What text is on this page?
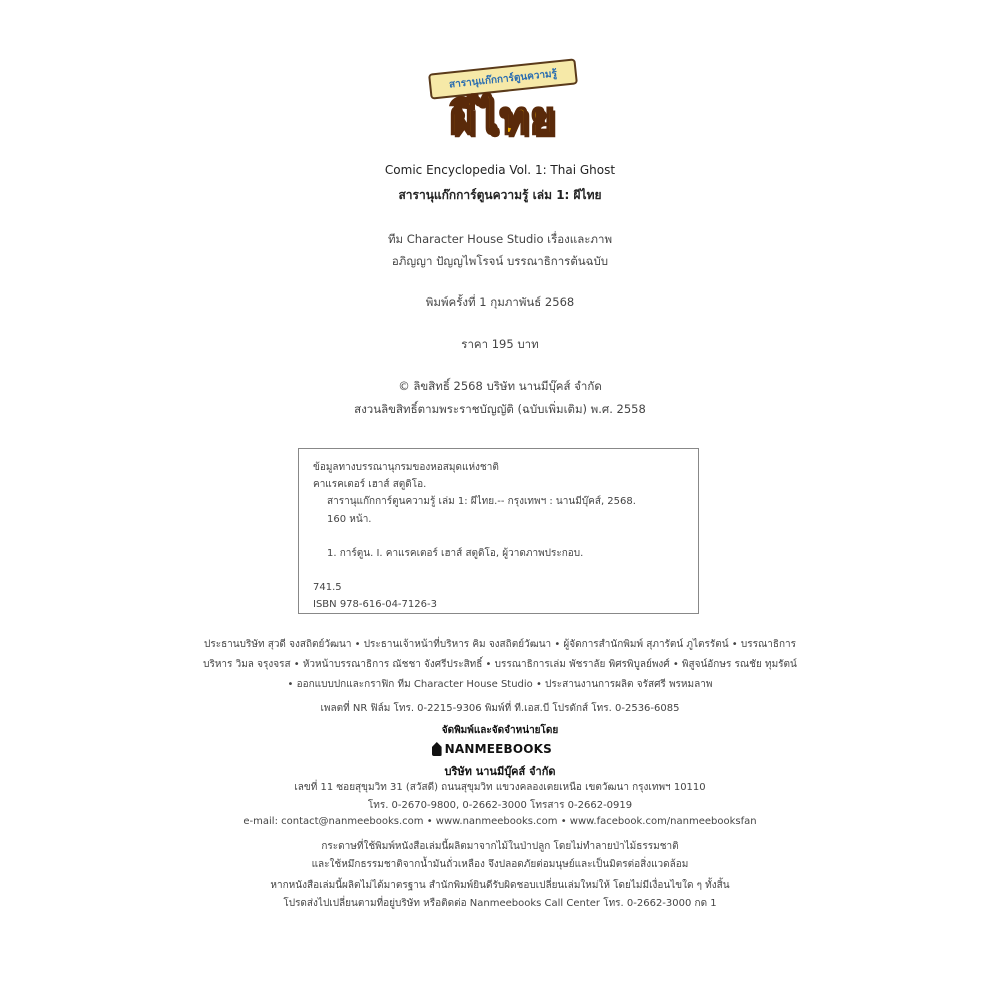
สารานุแก๊กการ์ตูนความรู้
ผีไทย
Comic Encyclopedia Vol. 1: Thai Ghost
สารานุแก๊กการ์ตูนความรู้ เล่ม 1: ผีไทย
ทีม Character House Studio เรื่องและภาพ
อภิญญา ปัญญไพโรจน์ บรรณาธิการต้นฉบับ
พิมพ์ครั้งที่ 1 กุมภาพันธ์ 2568
ราคา 195 บาท
© ลิขสิทธิ์ 2568 บริษัท นานมีบุ๊คส์ จำกัด
สงวนลิขสิทธิ์ตามพระราชบัญญัติ (ฉบับเพิ่มเติม) พ.ศ. 2558
ข้อมูลทางบรรณานุกรมของหอสมุดแห่งชาติ
คาแรคเตอร์ เฮาส์ สตูดิโอ.
สารานุแก๊กการ์ตูนความรู้ เล่ม 1: ผีไทย.-- กรุงเทพฯ : นานมีบุ๊คส์, 2568.
160 หน้า.
1. การ์ตูน. I. คาแรคเตอร์ เฮาส์ สตูดิโอ, ผู้วาดภาพประกอบ.
741.5
ISBN 978-616-04-7126-3
ประธานบริษัท สุวดี จงสถิตย์วัฒนา • ประธานเจ้าหน้าที่บริหาร คิม จงสถิตย์วัฒนา • ผู้จัดการสำนักพิมพ์ สุภารัตน์ ภูไตรรัตน์ • บรรณาธิการ
บริหาร วิมล จรุงจรส • หัวหน้าบรรณาธิการ ณัชชา จังศรีประสิทธิ์ • บรรณาธิการเล่ม พัชราลัย พิศรพิบูลย์พงศ์ • พิสูจน์อักษร รณชัย ทุมรัตน์
• ออกแบบปกและกราฟิก ทีม Character House Studio • ประสานงานการผลิต จรัสศรี พรหมลาพ
เพลตที่ NR ฟิล์ม โทร. 0-2215-9306 พิมพ์ที่ ที.เอส.บี โปรดักส์ โทร. 0-2536-6085
จัดพิมพ์และจัดจำหน่ายโดย
NANMEEBOOKS
บริษัท นานมีบุ๊คส์ จำกัด
เลขที่ 11 ซอยสุขุมวิท 31 (สวัสดี) ถนนสุขุมวิท แขวงคลองเตยเหนือ เขตวัฒนา กรุงเทพฯ 10110
โทร. 0-2670-9800, 0-2662-3000 โทรสาร 0-2662-0919
e-mail: contact@nanmeebooks.com • www.nanmeebooks.com • www.facebook.com/nanmeebooksfan
กระดาษที่ใช้พิมพ์หนังสือเล่มนี้ผลิตมาจากไม้ในป่าปลูก โดยไม่ทำลายป่าไม้ธรรมชาติ
และใช้หมึกธรรมชาติจากน้ำมันถั่วเหลือง จึงปลอดภัยต่อมนุษย์และเป็นมิตรต่อสิ่งแวดล้อม
หากหนังสือเล่มนี้ผลิตไม่ได้มาตรฐาน สำนักพิมพ์ยินดีรับผิดชอบเปลี่ยนเล่มใหม่ให้ โดยไม่มีเงื่อนไขใด ๆ ทั้งสิ้น
โปรดส่งไปเปลี่ยนตามที่อยู่บริษัท หรือติดต่อ Nanmeebooks Call Center โทร. 0-2662-3000 กด 1
